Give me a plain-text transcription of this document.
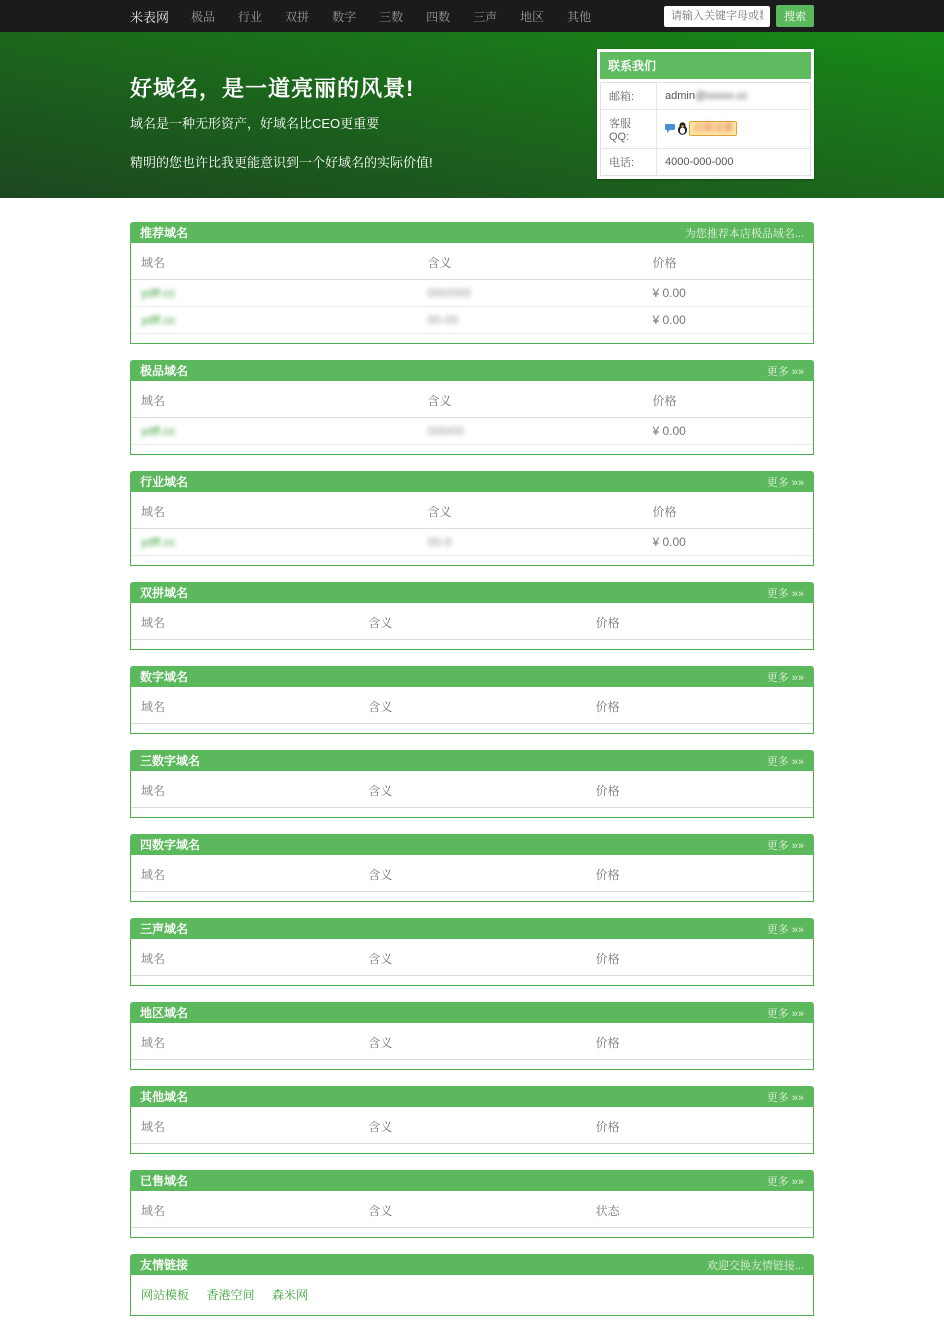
米表网 极品 行业 双拼 数字 三数 四数 三声 地区 其他
请输入关键字母或数字	搜索
好域名，是一道亮丽的风景!

域名是一种无形资产，好域名比CEO更重要

精明的您也许比我更能意识到一个好域名的实际价值!

联系我们
邮箱:	admin@xxxxx.cc
客服QQ:	点我交谈

电话:	4000-000-000
推荐域名	为您推荐本店极品域名...
域名	含义	价格
ydff.cc	000/000	¥ 0.00
ydff.cc	00-00	¥ 0.00
极品域名	更多 »»
域名	含义	价格
ydff.cc	000/00	¥ 0.00
行业域名	更多 »»
域名	含义	价格
ydff.cc	00-0	¥ 0.00
双拼域名	更多 »»
域名	含义	价格
数字域名	更多 »»
域名	含义	价格
三数字域名	更多 »»
域名	含义	价格
四数字域名	更多 »»
域名	含义	价格
三声域名	更多 »»
域名	含义	价格
地区域名	更多 »»
域名	含义	价格
其他域名	更多 »»
域名	含义	价格
已售域名	更多 »»
域名	含义	状态
友情链接	欢迎交换友情链接...
网站模板 香港空间 森米网
